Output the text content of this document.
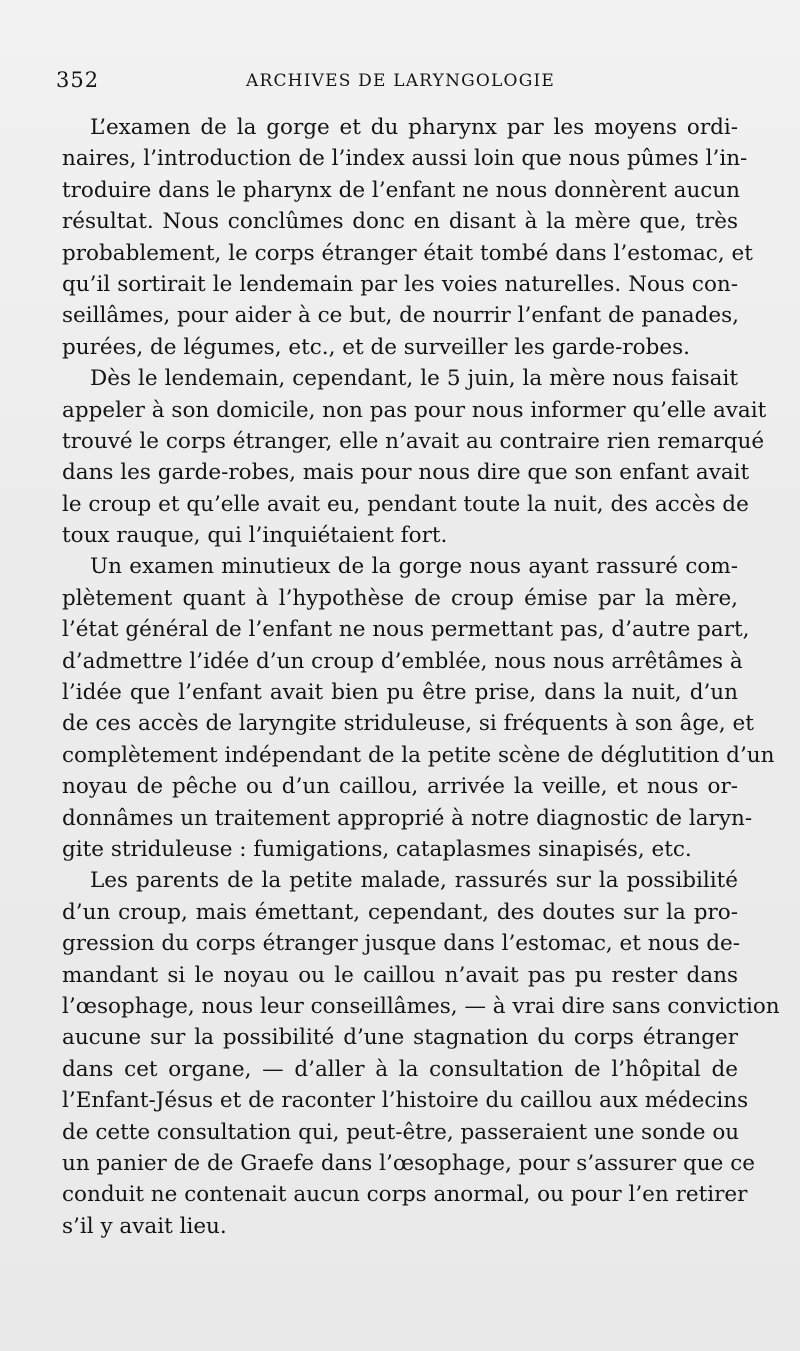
352	ARCHIVES DE LARYNGOLOGIE
L’examen de la gorge et du pharynx par les moyens ordi-
naires, l’introduction de l’index aussi loin que nous pûmes l’in-
troduire dans le pharynx de l’enfant ne nous donnèrent aucun
résultat. Nous conclûmes donc en disant à la mère que, très
probablement, le corps étranger était tombé dans l’estomac, et
qu’il sortirait le lendemain par les voies naturelles. Nous con-
seillâmes, pour aider à ce but, de nourrir l’enfant de panades,
purées, de légumes, etc., et de surveiller les garde-robes.
Dès le lendemain, cependant, le 5 juin, la mère nous faisait
appeler à son domicile, non pas pour nous informer qu’elle avait
trouvé le corps étranger, elle n’avait au contraire rien remarqué
dans les garde-robes, mais pour nous dire que son enfant avait
le croup et qu’elle avait eu, pendant toute la nuit, des accès de
toux rauque, qui l’inquiétaient fort.
Un examen minutieux de la gorge nous ayant rassuré com-
plètement quant à l’hypothèse de croup émise par la mère,
l’état général de l’enfant ne nous permettant pas, d’autre part,
d’admettre l’idée d’un croup d’emblée, nous nous arrêtâmes à
l’idée que l’enfant avait bien pu être prise, dans la nuit, d’un
de ces accès de laryngite striduleuse, si fréquents à son âge, et
complètement indépendant de la petite scène de déglutition d’un
noyau de pêche ou d’un caillou, arrivée la veille, et nous or-
donnâmes un traitement approprié à notre diagnostic de laryn-
gite striduleuse : fumigations, cataplasmes sinapisés, etc.
Les parents de la petite malade, rassurés sur la possibilité
d’un croup, mais émettant, cependant, des doutes sur la pro-
gression du corps étranger jusque dans l’estomac, et nous de-
mandant si le noyau ou le caillou n’avait pas pu rester dans
l’œsophage, nous leur conseillâmes, — à vrai dire sans conviction
aucune sur la possibilité d’une stagnation du corps étranger
dans cet organe, — d’aller à la consultation de l’hôpital de
l’Enfant-Jésus et de raconter l’histoire du caillou aux médecins
de cette consultation qui, peut-être, passeraient une sonde ou
un panier de de Graefe dans l’œsophage, pour s’assurer que ce
conduit ne contenait aucun corps anormal, ou pour l’en retirer
s’il y avait lieu.
